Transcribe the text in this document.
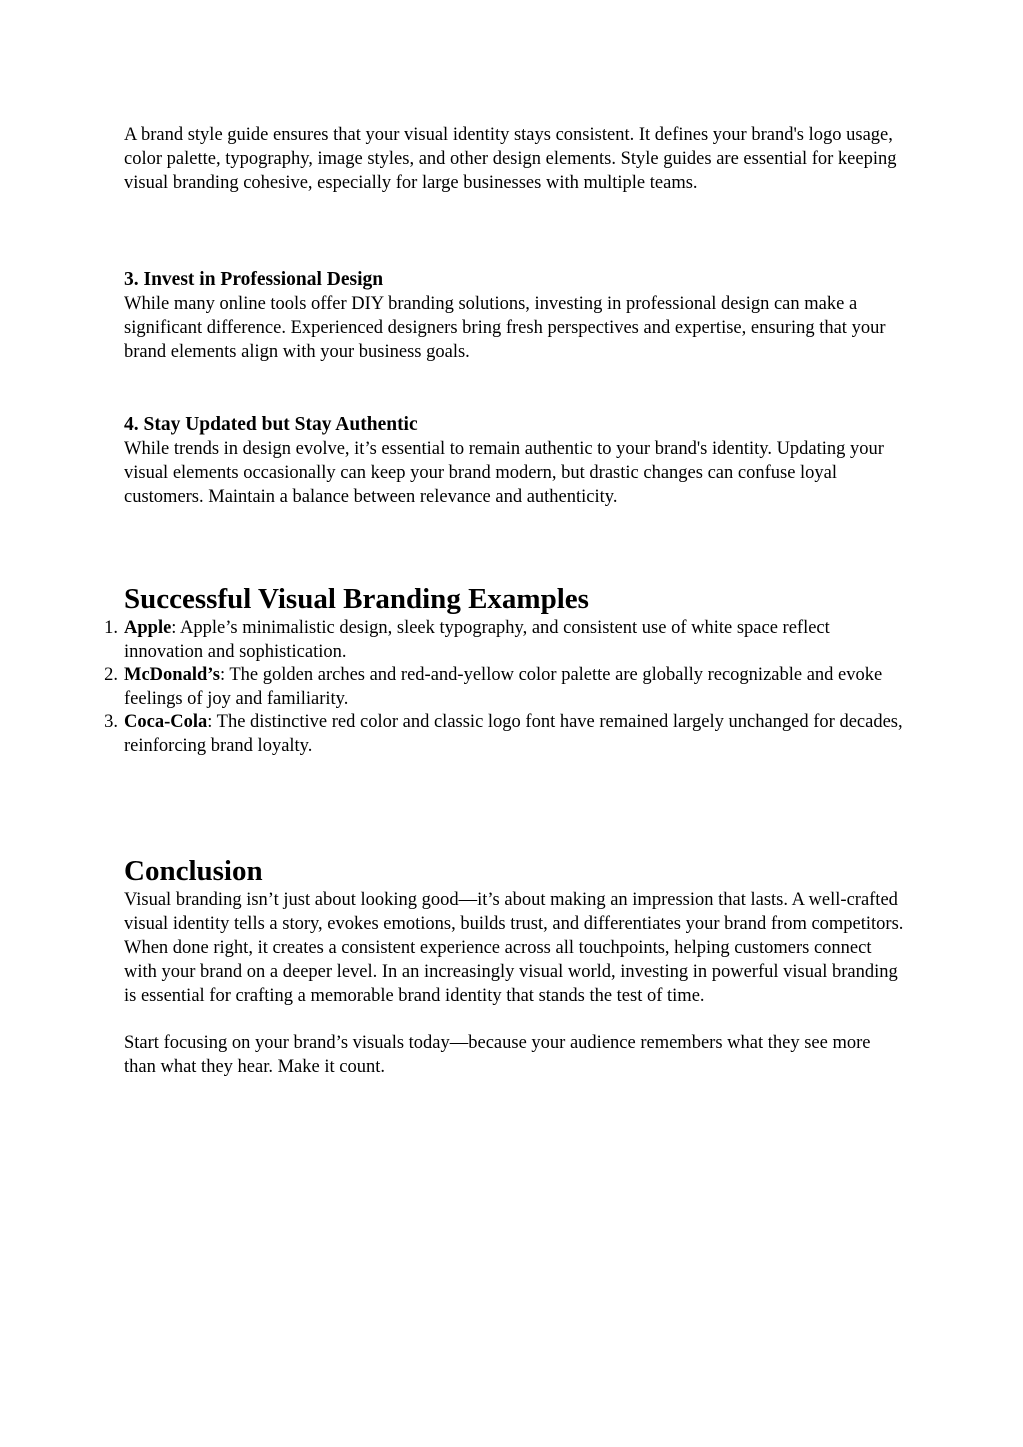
A brand style guide ensures that your visual identity stays consistent. It defines your brand's logo usage, color palette, typography, image styles, and other design elements. Style guides are essential for keeping visual branding cohesive, especially for large businesses with multiple teams.

3. Invest in Professional Design

While many online tools offer DIY branding solutions, investing in professional design can make a significant difference. Experienced designers bring fresh perspectives and expertise, ensuring that your brand elements align with your business goals.

4. Stay Updated but Stay Authentic

While trends in design evolve, it’s essential to remain authentic to your brand's identity. Updating your visual elements occasionally can keep your brand modern, but drastic changes can confuse loyal customers. Maintain a balance between relevance and authenticity.

Successful Visual Branding Examples
1. Apple: Apple’s minimalistic design, sleek typography, and consistent use of white space reflect innovation and sophistication.
2. McDonald’s: The golden arches and red-and-yellow color palette are globally recognizable and evoke feelings of joy and familiarity.
3. Coca-Cola: The distinctive red color and classic logo font have remained largely unchanged for decades, reinforcing brand loyalty.
Conclusion

Visual branding isn’t just about looking good—it’s about making an impression that lasts. A well-crafted visual identity tells a story, evokes emotions, builds trust, and differentiates your brand from competitors. When done right, it creates a consistent experience across all touchpoints, helping customers connect with your brand on a deeper level. In an increasingly visual world, investing in powerful visual branding is essential for crafting a memorable brand identity that stands the test of time.

Start focusing on your brand’s visuals today—because your audience remembers what they see more than what they hear. Make it count.
